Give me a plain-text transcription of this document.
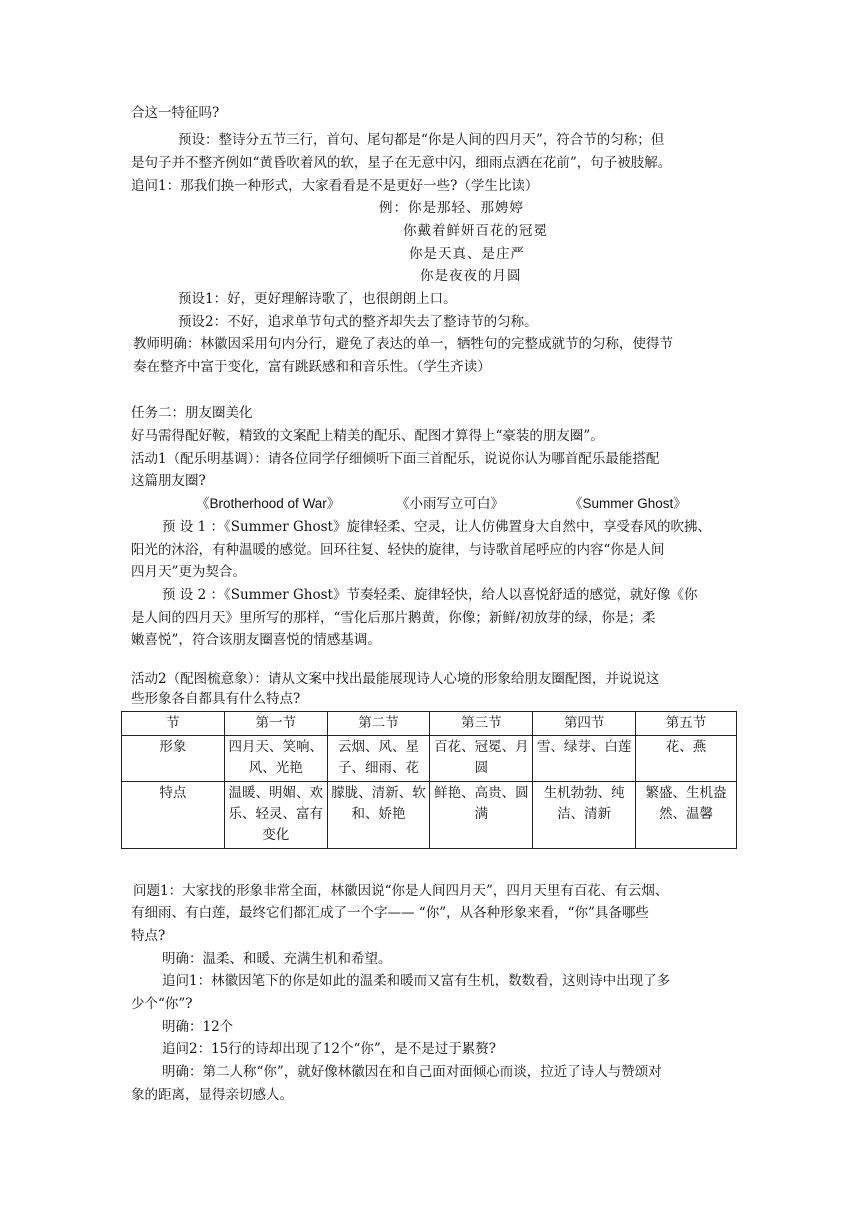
合这一特征吗?
预设：整诗分五节三行，首句、尾句都是“你是人间的四月天”，符合节的匀称；但
是句子并不整齐例如“黄昏吹着风的软，星子在无意中闪，细雨点洒在花前”，句子被肢解。
追问1：那我们换一种形式，大家看看是不是更好一些?（学生比读）
例：你是那轻、那娉婷
你戴着鲜妍百花的冠冕
你是天真、是庄严
你是夜夜的月圆
预设1：好，更好理解诗歌了，也很朗朗上口。
预设2：不好，追求单节句式的整齐却失去了整诗节的匀称。
教师明确：林徽因采用句内分行，避免了表达的单一，牺牲句的完整成就节的匀称，使得节
奏在整齐中富于变化，富有跳跃感和和音乐性。（学生齐读）
任务二：朋友圈美化
好马需得配好鞍，精致的文案配上精美的配乐、配图才算得上“豪装的朋友圈”。
活动1（配乐明基调）：请各位同学仔细倾听下面三首配乐，说说你认为哪首配乐最能搭配
这篇朋友圈?
《Brotherhood of War》	《小雨写立可白》	《Summer Ghost》
预 设 1 ：《Summer Ghost》旋律轻柔、空灵，让人仿佛置身大自然中，享受春风的吹拂、
阳光的沐浴，有种温暖的感觉。回环往复、轻快的旋律，与诗歌首尾呼应的内容“你是人间
四月天”更为契合。
预 设 2 ：《Summer Ghost》节奏轻柔、旋律轻快，给人以喜悦舒适的感觉，就好像《你
是人间的四月天》里所写的那样，“雪化后那片鹅黄，你像；新鲜/初放芽的绿，你是；柔
嫩喜悦”，符合该朋友圈喜悦的情感基调。
活动2（配图梳意象）：请从文案中找出最能展现诗人心境的形象给朋友圈配图，并说说这
些形象各自都具有什么特点?
节	第一节	第二节	第三节	第四节	第五节
形象	四月天、笑响、风、光艳	云烟、风、星子、细雨、花	百花、冠冕、月圆	雪、绿芽、白莲	花、燕
特点	温暖、明媚、欢乐、轻灵、富有变化	朦胧、清新、软和、娇艳	鲜艳、高贵、圆满	生机勃勃、纯洁、清新	繁盛、生机盎然、温馨
问题1：大家找的形象非常全面，林徽因说“你是人间四月天”，四月天里有百花、有云烟、
有细雨、有白莲，最终它们都汇成了一个字—— “你”，从各种形象来看，“你”具备哪些
特点?
明确：温柔、和暖、充满生机和希望。
追问1：林徽因笔下的你是如此的温柔和暖而又富有生机，数数看，这则诗中出现了多
少个“你”?
明确：12个
追问2：15行的诗却出现了12个“你”，是不是过于累赘?
明确：第二人称“你”，就好像林徽因在和自己面对面倾心而谈，拉近了诗人与赞颂对
象的距离，显得亲切感人。
